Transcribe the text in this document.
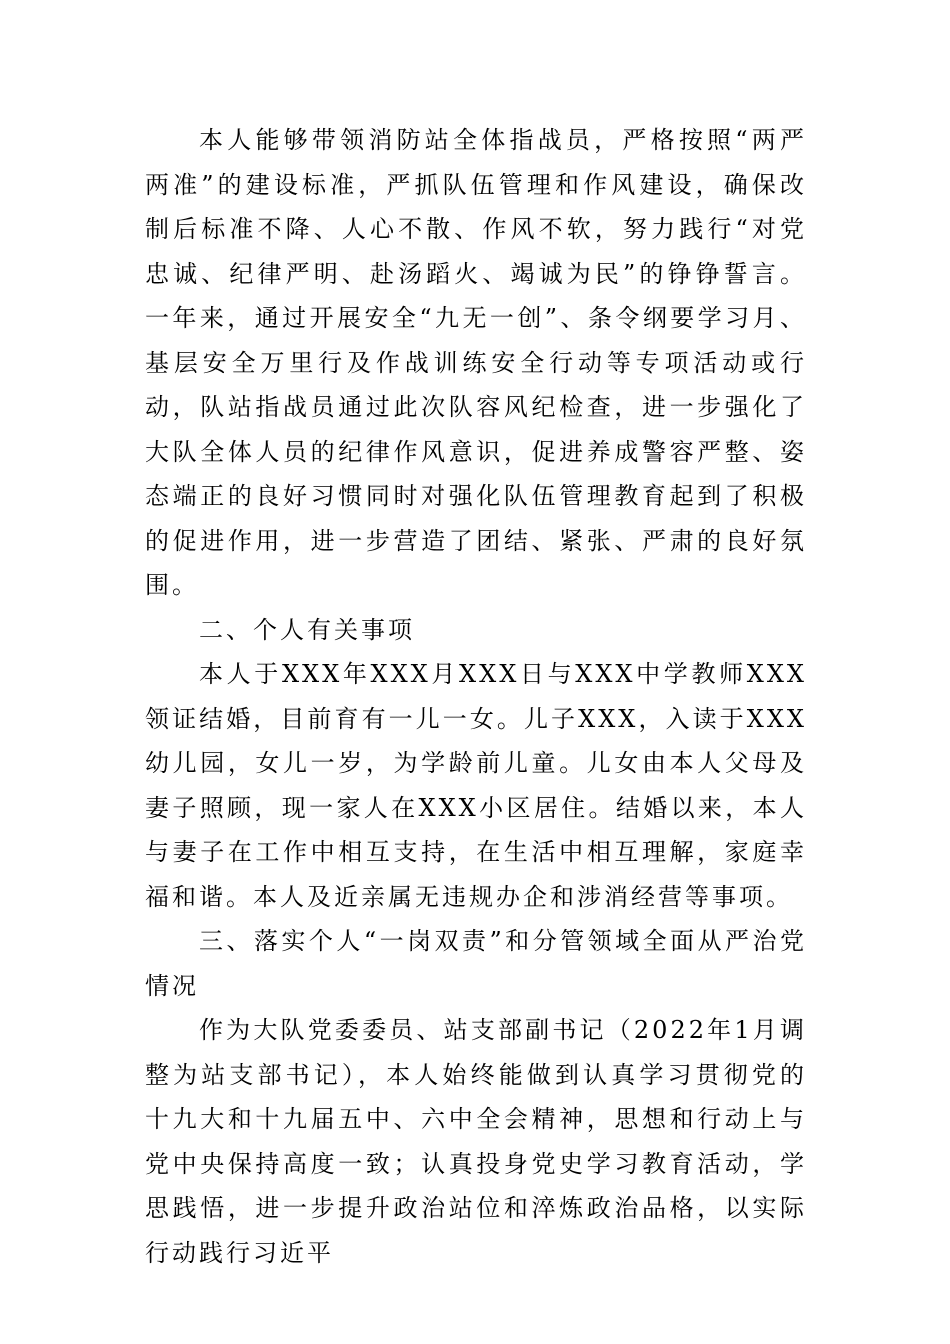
本人能够带领消防站全体指战员，严格按照“两严两准”的建设标准，严抓队伍管理和作风建设，确保改制后标准不降、人心不散、作风不软，努力践行“对党忠诚、纪律严明、赴汤蹈火、竭诚为民”的铮铮誓言。一年来，通过开展安全“九无一创”、条令纲要学习月、基层安全万里行及作战训练安全行动等专项活动或行动，队站指战员通过此次队容风纪检查，进一步强化了大队全体人员的纪律作风意识，促进养成警容严整、姿态端正的良好习惯同时对强化队伍管理教育起到了积极的促进作用，进一步营造了团结、紧张、严肃的良好氛围。

二、个人有关事项

本人于XXX年XXX月XXX日与XXX中学教师XXX领证结婚，目前育有一儿一女。儿子XXX，入读于XXX幼儿园，女儿一岁，为学龄前儿童。儿女由本人父母及妻子照顾，现一家人在XXX小区居住。结婚以来，本人与妻子在工作中相互支持，在生活中相互理解，家庭幸福和谐。本人及近亲属无违规办企和涉消经营等事项。

三、落实个人“一岗双责”和分管领域全面从严治党情况

作为大队党委委员、站支部副书记（2022年1月调整为站支部书记），本人始终能做到认真学习贯彻党的十九大和十九届五中、六中全会精神，思想和行动上与党中央保持高度一致；认真投身党史学习教育活动，学思践悟，进一步提升政治站位和淬炼政治品格，以实际行动践行习近平
